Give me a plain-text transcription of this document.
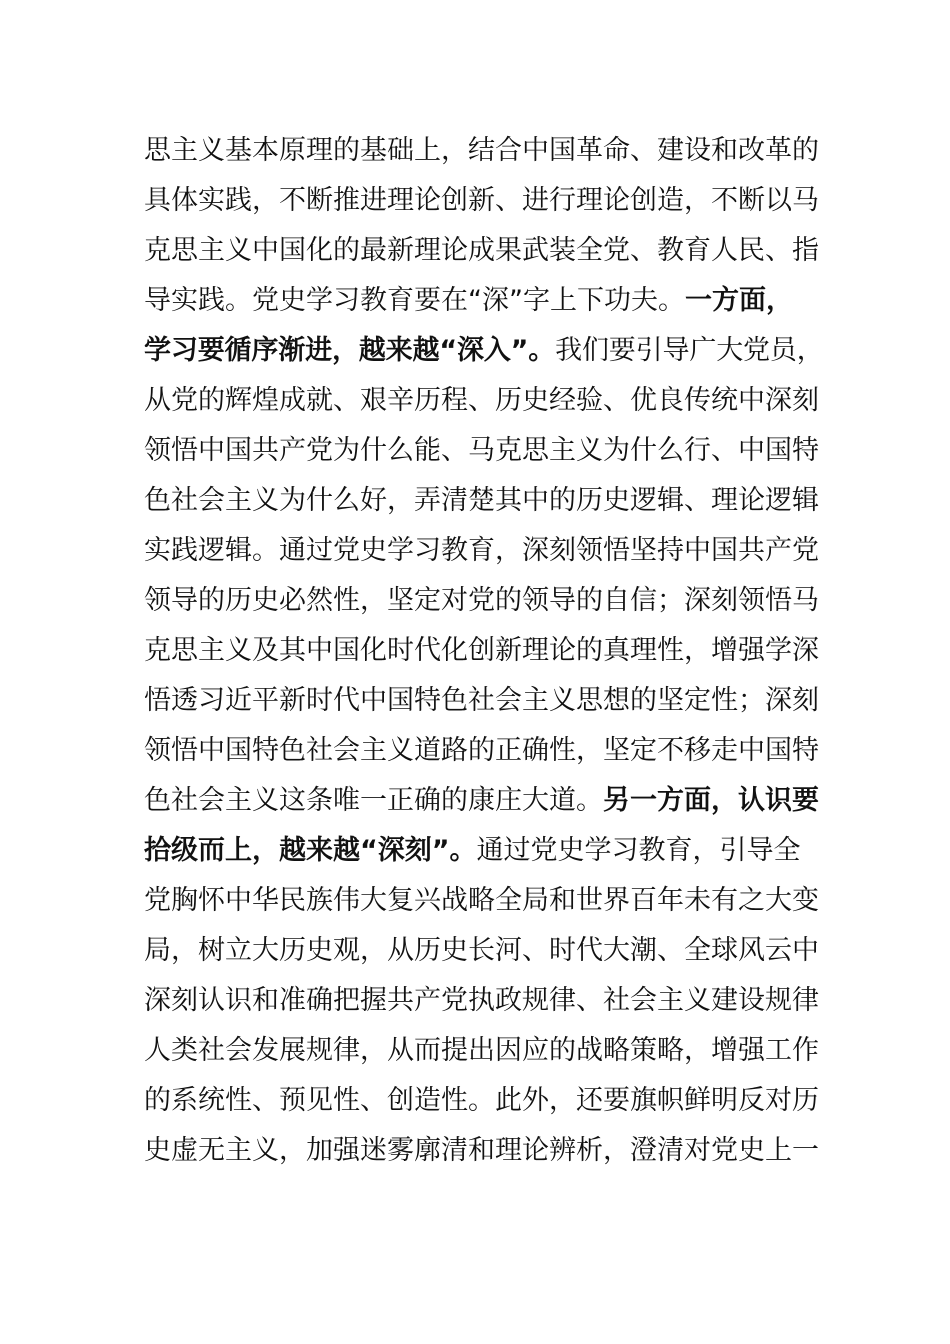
思主义基本原理的基础上，结合中国革命、建设和改革的
具体实践，不断推进理论创新、进行理论创造，不断以马
克思主义中国化的最新理论成果武装全党、教育人民、指
导实践。党史学习教育要在“深”字上下功夫。一方面，
学习要循序渐进，越来越“深入”。我们要引导广大党员，
从党的辉煌成就、艰辛历程、历史经验、优良传统中深刻
领悟中国共产党为什么能、马克思主义为什么行、中国特
色社会主义为什么好，弄清楚其中的历史逻辑、理论逻辑
实践逻辑。通过党史学习教育，深刻领悟坚持中国共产党
领导的历史必然性，坚定对党的领导的自信；深刻领悟马
克思主义及其中国化时代化创新理论的真理性，增强学深
悟透习近平新时代中国特色社会主义思想的坚定性；深刻
领悟中国特色社会主义道路的正确性，坚定不移走中国特
色社会主义这条唯一正确的康庄大道。另一方面，认识要
拾级而上，越来越“深刻”。通过党史学习教育，引导全
党胸怀中华民族伟大复兴战略全局和世界百年未有之大变
局，树立大历史观，从历史长河、时代大潮、全球风云中
深刻认识和准确把握共产党执政规律、社会主义建设规律
人类社会发展规律，从而提出因应的战略策略，增强工作
的系统性、预见性、创造性。此外，还要旗帜鲜明反对历
史虚无主义，加强迷雾廓清和理论辨析，澄清对党史上一
